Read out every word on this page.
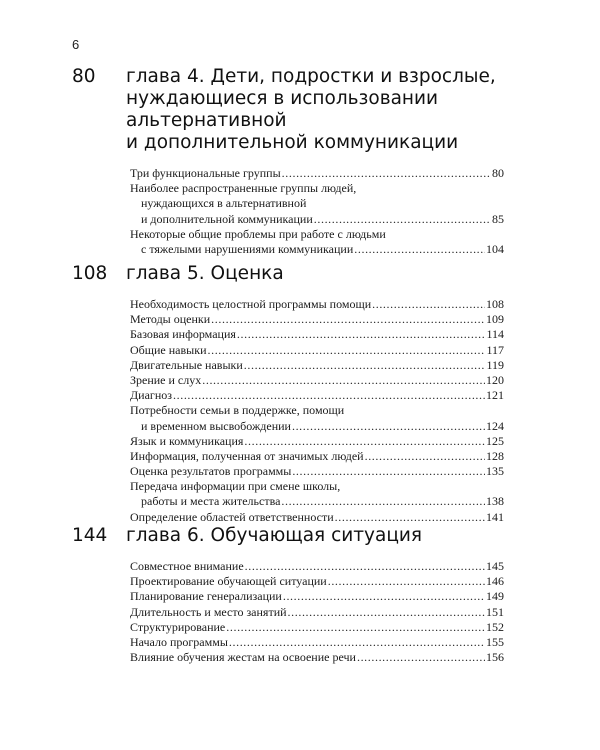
6
80 глава 4. Дети, подростки и взрослые,
нуждающиеся в использовании
альтернативной
и дополнительной коммуникации
Три функциональные группы .....	80
Наиболее распространенные группы людей,
нуждающихся в альтернативной
и дополнительной коммуникации .....	85
Некоторые общие проблемы при работе с людьми
с тяжелыми нарушениями коммуникации .....	104
108 глава 5. Оценка
Необходимость целостной программы помощи .....	108
Методы оценки .....	109
Базовая информация .....	114
Общие навыки .....	117
Двигательные навыки .....	119
Зрение и слух .....	120
Диагноз .....	121
Потребности семьи в поддержке, помощи
и временном высвобождении .....	124
Язык и коммуникация .....	125
Информация, полученная от значимых людей .....	128
Оценка результатов программы .....	135
Передача информации при смене школы,
работы и места жительства .....	138
Определение областей ответственности .....	141
144 глава 6. Обучающая ситуация
Совместное внимание .....	145
Проектирование обучающей ситуации .....	146
Планирование генерализации .....	149
Длительность и место занятий .....	151
Структурирование .....	152
Начало программы .....	155
Влияние обучения жестам на освоение речи .....	156
